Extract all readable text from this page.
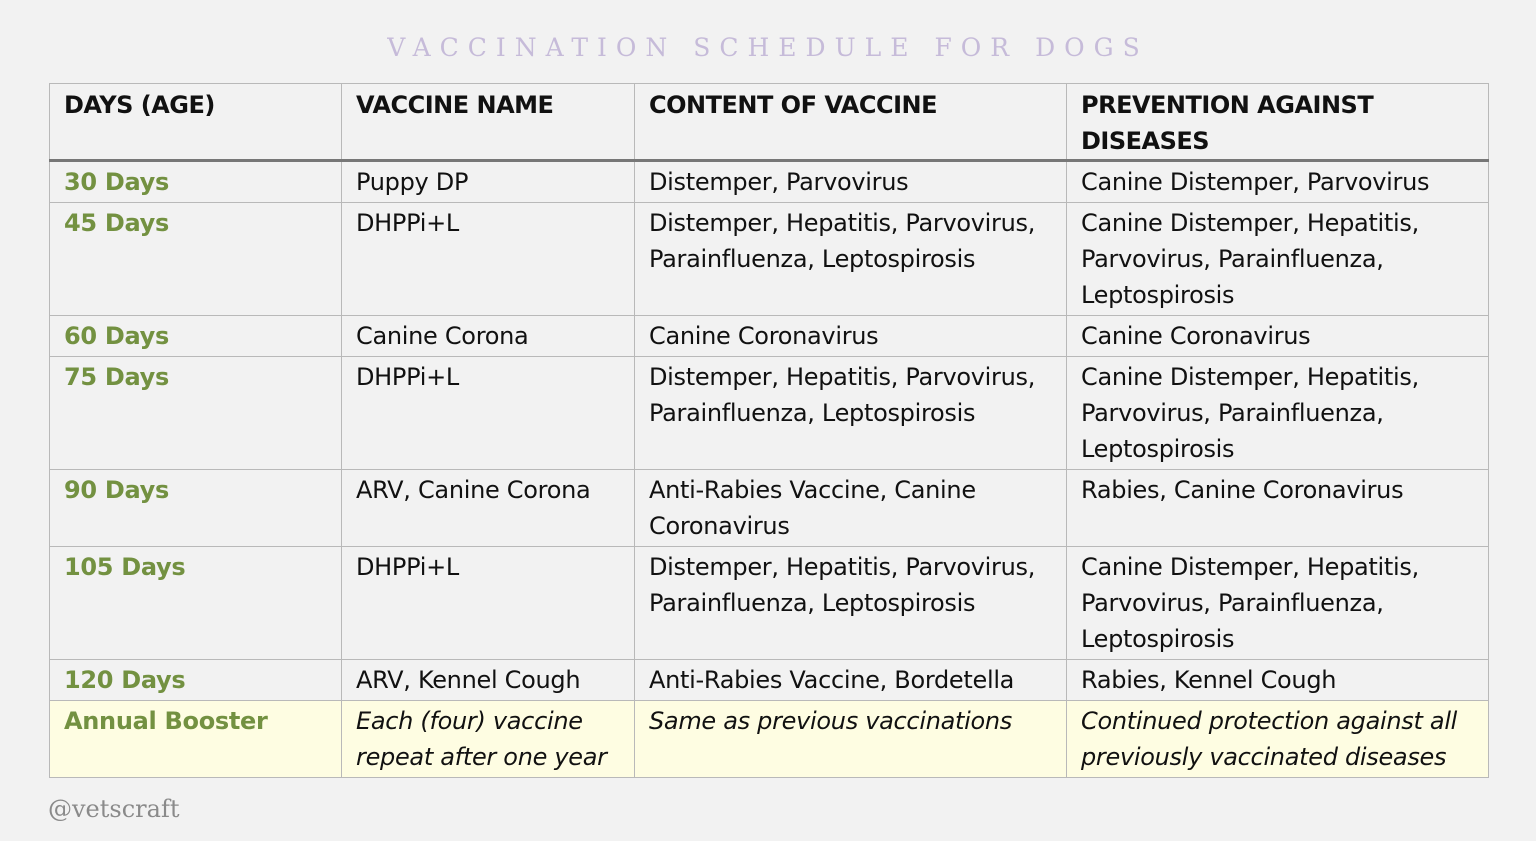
VACCINATION SCHEDULE FOR DOGS
DAYS (AGE)	VACCINE NAME	CONTENT OF VACCINE	PREVENTION AGAINST DISEASES
30 Days	Puppy DP	Distemper, Parvovirus	Canine Distemper, Parvovirus
45 Days	DHPPi+L	Distemper, Hepatitis, Parvovirus, Parainfluenza, Leptospirosis	Canine Distemper, Hepatitis, Parvovirus, Parainfluenza, Leptospirosis
60 Days	Canine Corona	Canine Coronavirus	Canine Coronavirus
75 Days	DHPPi+L	Distemper, Hepatitis, Parvovirus, Parainfluenza, Leptospirosis	Canine Distemper, Hepatitis, Parvovirus, Parainfluenza, Leptospirosis
90 Days	ARV, Canine Corona	Anti-Rabies Vaccine, Canine Coronavirus	Rabies, Canine Coronavirus
105 Days	DHPPi+L	Distemper, Hepatitis, Parvovirus, Parainfluenza, Leptospirosis	Canine Distemper, Hepatitis, Parvovirus, Parainfluenza, Leptospirosis
120 Days	ARV, Kennel Cough	Anti-Rabies Vaccine, Bordetella	Rabies, Kennel Cough
Annual Booster	Each (four) vaccine repeat after one year	Same as previous vaccinations	Continued protection against all previously vaccinated diseases

@vetscraft
